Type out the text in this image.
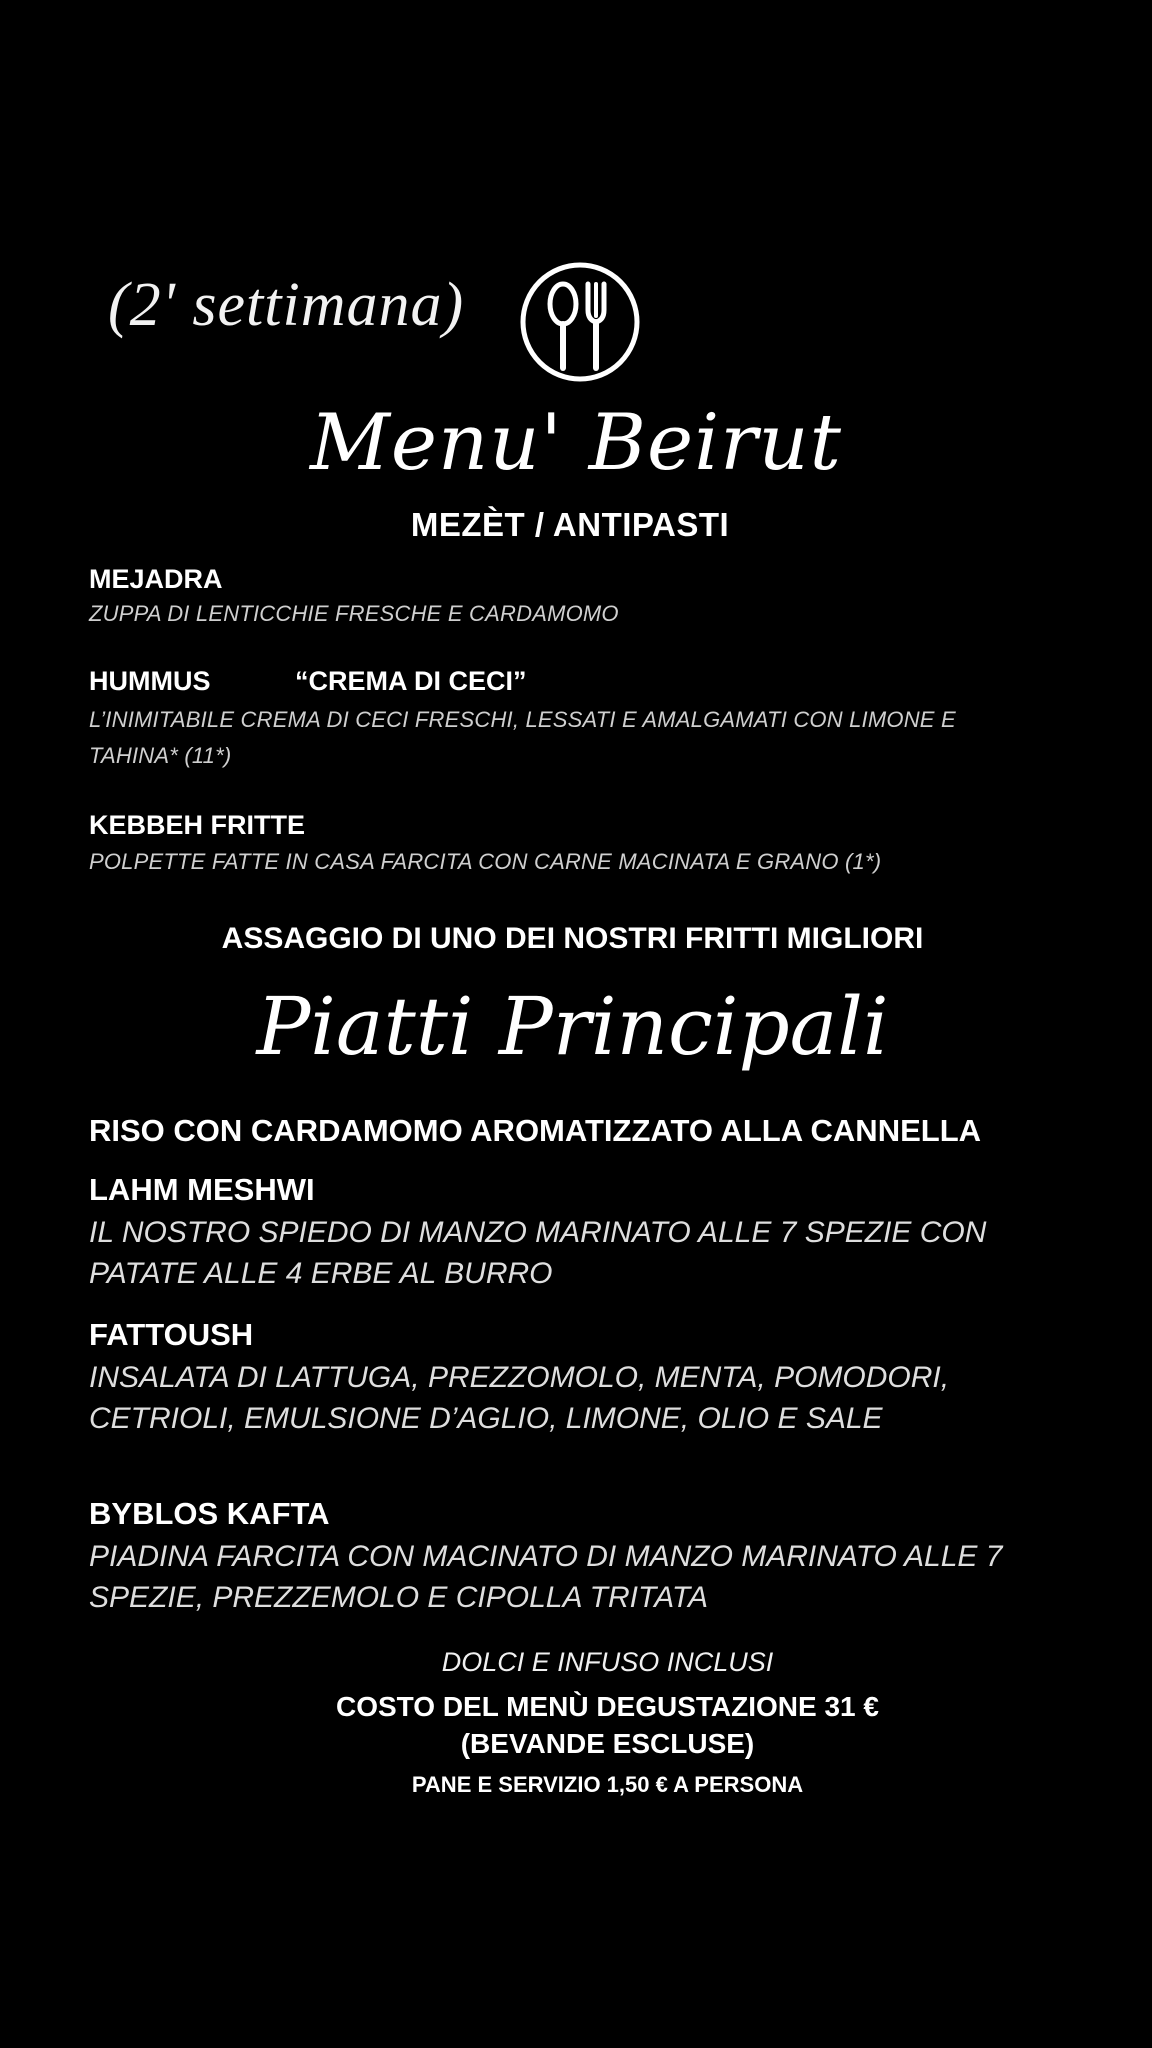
(2' settimana)
Menu' Beirut
MEZÈT / ANTIPASTI
MEJADRA
ZUPPA DI LENTICCHIE FRESCHE E CARDAMOMO
HUMMUS	“CREMA DI CECI”
L’INIMITABILE CREMA DI CECI FRESCHI, LESSATI E AMALGAMATI CON LIMONE E TAHINA* (11*)
KEBBEH FRITTE
POLPETTE FATTE IN CASA FARCITA CON CARNE MACINATA E GRANO (1*)
ASSAGGIO DI UNO DEI NOSTRI FRITTI MIGLIORI
Piatti Principali
RISO CON CARDAMOMO AROMATIZZATO ALLA CANNELLA
LAHM MESHWI
IL NOSTRO SPIEDO DI MANZO MARINATO ALLE 7 SPEZIE CON PATATE ALLE 4 ERBE AL BURRO
FATTOUSH
INSALATA DI LATTUGA, PREZZOMOLO, MENTA, POMODORI, CETRIOLI, EMULSIONE D’AGLIO, LIMONE, OLIO E SALE
BYBLOS KAFTA
PIADINA FARCITA CON MACINATO DI MANZO MARINATO ALLE 7 SPEZIE, PREZZEMOLO E CIPOLLA TRITATA
DOLCI E INFUSO INCLUSI
COSTO DEL MENÙ DEGUSTAZIONE 31 €
(BEVANDE ESCLUSE)
PANE E SERVIZIO 1,50 € A PERSONA
